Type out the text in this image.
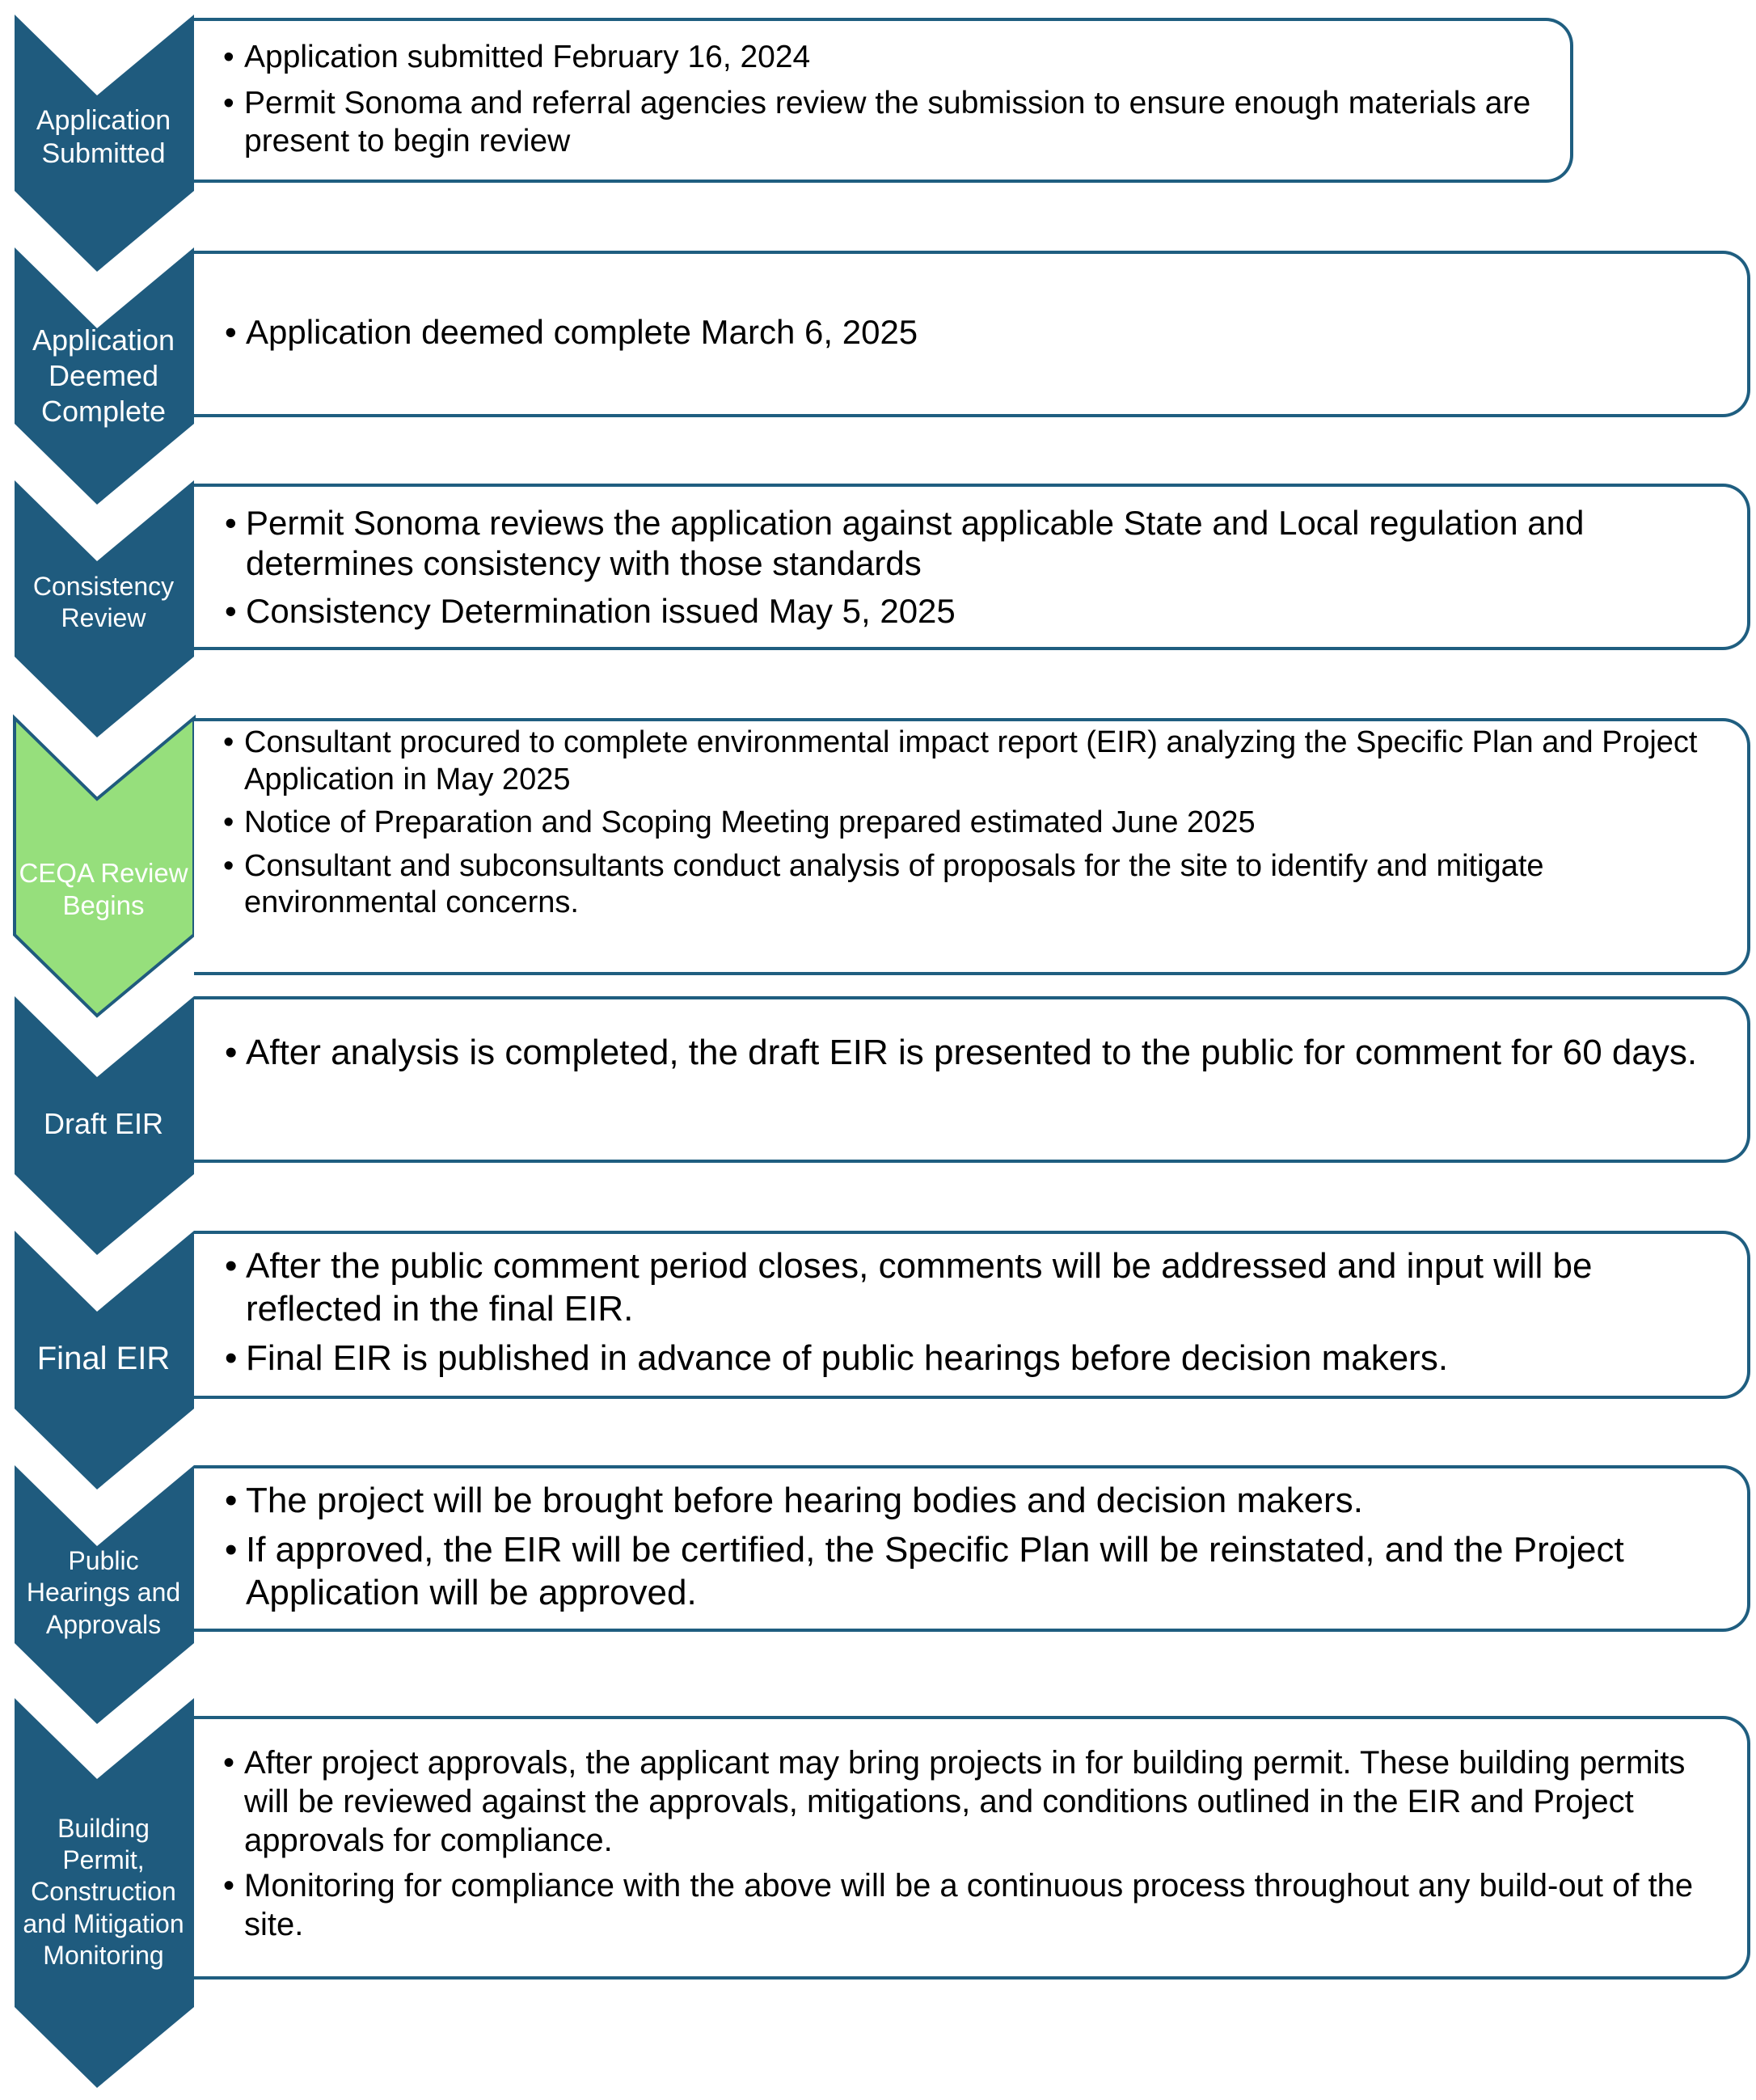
Application Submitted
• Application submitted February 16, 2024
• Permit Sonoma and referral agencies review the submission to ensure enough materials are present to begin review
Application Deemed Complete
• Application deemed complete March 6, 2025
Consistency Review
• Permit Sonoma reviews the application against applicable State and Local regulation and determines consistency with those standards
• Consistency Determination issued May 5, 2025
CEQA Review Begins
• Consultant procured to complete environmental impact report (EIR) analyzing the Specific Plan and Project Application in May 2025
• Notice of Preparation and Scoping Meeting prepared estimated June 2025
• Consultant and subconsultants conduct analysis of proposals for the site to identify and mitigate environmental concerns.
Draft EIR
• After analysis is completed, the draft EIR is presented to the public for comment for 60 days.
Final EIR
• After the public comment period closes, comments will be addressed and input will be reflected in the final EIR.
• Final EIR is published in advance of public hearings before decision makers.
Public Hearings and Approvals
• The project will be brought before hearing bodies and decision makers.
• If approved, the EIR will be certified, the Specific Plan will be reinstated, and the Project Application will be approved.
Building Permit, Construction and Mitigation Monitoring
• After project approvals, the applicant may bring projects in for building permit. These building permits will be reviewed against the approvals, mitigations, and conditions outlined in the EIR and Project approvals for compliance.
• Monitoring for compliance with the above will be a continuous process throughout any build-out of the site.
